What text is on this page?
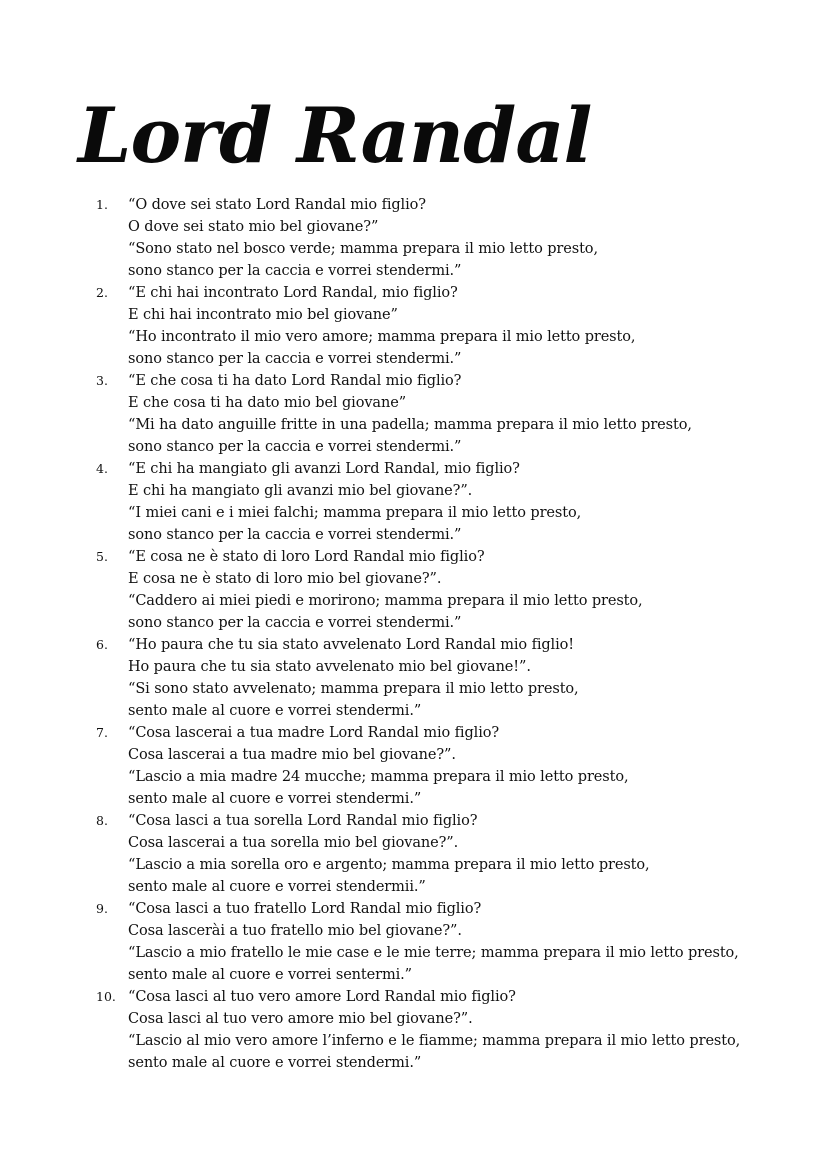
Lord Randal
1.	“O dove sei stato Lord Randal mio figlio?
O dove sei stato mio bel giovane?”
“Sono stato nel bosco verde; mamma prepara il mio letto presto,
sono stanco per la caccia e vorrei stendermi.”
2.	“E chi hai incontrato Lord Randal, mio figlio?
E chi hai incontrato mio bel giovane”
“Ho incontrato il mio vero amore; mamma prepara il mio letto presto,
sono stanco per la caccia e vorrei stendermi.”
3.	“E che cosa ti ha dato Lord Randal mio figlio?
E che cosa ti ha dato mio bel giovane”
“Mi ha dato anguille fritte in una padella; mamma prepara il mio letto presto,
sono stanco per la caccia e vorrei stendermi.”
4.	“E chi ha mangiato gli avanzi Lord Randal, mio figlio?
E chi ha mangiato gli avanzi mio bel giovane?”.
“I miei cani e i miei falchi; mamma prepara il mio letto presto,
sono stanco per la caccia e vorrei stendermi.”
5.	“E cosa ne è stato di loro Lord Randal mio figlio?
E cosa ne è stato di loro mio bel giovane?”.
“Caddero ai miei piedi e morirono; mamma prepara il mio letto presto,
sono stanco per la caccia e vorrei stendermi.”
6.	“Ho paura che tu sia stato avvelenato Lord Randal mio figlio!
Ho paura che tu sia stato avvelenato mio bel giovane!”.
“Si sono stato avvelenato; mamma prepara il mio letto presto,
sento male al cuore e vorrei stendermi.”
7.	“Cosa lascerai a tua madre Lord Randal mio figlio?
Cosa lascerai a tua madre mio bel giovane?”.
“Lascio a mia madre 24 mucche; mamma prepara il mio letto presto,
sento male al cuore e vorrei stendermi.”
8.	“Cosa lasci a tua sorella Lord Randal mio figlio?
Cosa lascerai a tua sorella mio bel giovane?”.
“Lascio a mia sorella oro e argento; mamma prepara il mio letto presto,
sento male al cuore e vorrei stendermii.”
9.	“Cosa lasci a tuo fratello Lord Randal mio figlio?
Cosa lascerài a tuo fratello mio bel giovane?”.
“Lascio a mio fratello le mie case e le mie terre; mamma prepara il mio letto presto,
sento male al cuore e vorrei sentermi.”
10. “Cosa lasci al tuo vero amore Lord Randal mio figlio?
Cosa lasci al tuo vero amore mio bel giovane?”.
“Lascio al mio vero amore l’inferno e le fiamme; mamma prepara il mio letto presto,
sento male al cuore e vorrei stendermi.”
